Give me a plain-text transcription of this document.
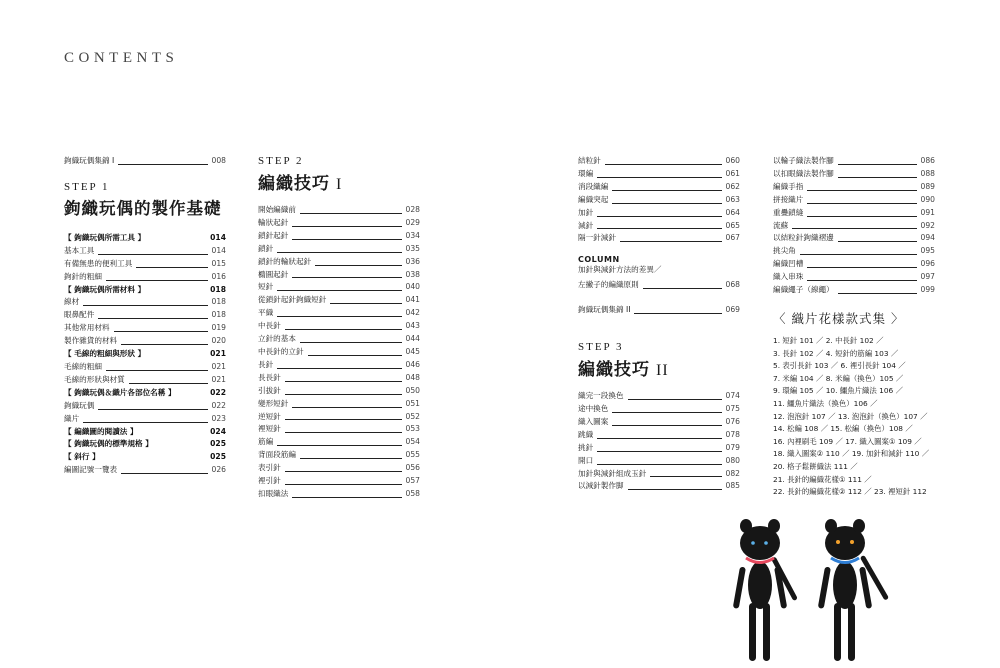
CONTENTS
鉤織玩偶集錦 I	008
STEP 1
鉤織玩偶的製作基礎
【 鉤織玩偶所需工具 】	014
基本工具	014
有備無患的便利工具	015
鉤針的粗細	016
【 鉤織玩偶所需材料 】	018
線材	018
眼鼻配件	018
其他常用材料	019
製作雜貨的材料	020
【 毛線的粗細與形狀 】	021
毛線的粗細	021
毛線的形狀與材質	021
【 鉤織玩偶＆織片各部位名稱 】	022
鉤織玩偶	022
織片	023
【 編織圖的閱讀法 】	024
【 鉤織玩偶的標準規格 】	025
【 斜行 】	025
編圖記號一覽表	026
STEP 2
編織技巧 I
開始編織前	028
輪狀起針	029
鎖針起針	034
鎖針	035
鎖針的輪狀起針	036
橢圓起針	038
短針	040
從鎖針起針鉤織短針	041
平織	042
中長針	043
立針的基本	044
中長針的立針	045
長針	046
長長針	048
引拔針	050
變形短針	051
逆短針	052
裡短針	053
筋編	054
背面段筋編	055
表引針	056
裡引針	057
扣眼織法	058
結粒針	060
環編	061
消段織編	062
編織突起	063
加針	064
減針	065
隔一針減針	067
COLUMN
加針與減針方法的差異／
左撇子的編織原則	068
鉤織玩偶集錦 II	069
STEP 3
編織技巧 II
織完一段換色	074
途中換色	075
織入圖案	076
跳織	078
挑針	079
開口	080
加針與減針組成玉針	082
以減針製作脚	085
以輪子織法製作腳	086
以扣眼織法製作腳	088
編織手指	089
拼接織片	090
重疊鎖縫	091
流蘇	092
以結粒針鉤織褶邊	094
挑尖角	095
編織凹槽	096
織入串珠	097
編織繩子（線繩）	099
〈 織片花樣款式集 〉
1. 短針 101 ／ 2. 中長針 102 ／
3. 長針 102 ／ 4. 短針的筋編 103 ／
5. 表引長針 103 ／ 6. 裡引長針 104 ／
7. 米編 104 ／ 8. 米編（換色）105 ／
9. 環編 105 ／ 10. 鱷魚片織法 106 ／
11. 鱷魚片織法（換色）106 ／
12. 泡泡針 107 ／ 13. 泡泡針（換色）107 ／
14. 松編 108 ／ 15. 松編（換色）108 ／
16. 內裡刷毛 109 ／ 17. 織入圖案① 109 ／
18. 織入圖案② 110 ／ 19. 加針和減針 110 ／
20. 格子鬆餅織法 111 ／
21. 長針的編織花樣① 111 ／
22. 長針的編織花樣② 112 ／ 23. 裡短針 112
